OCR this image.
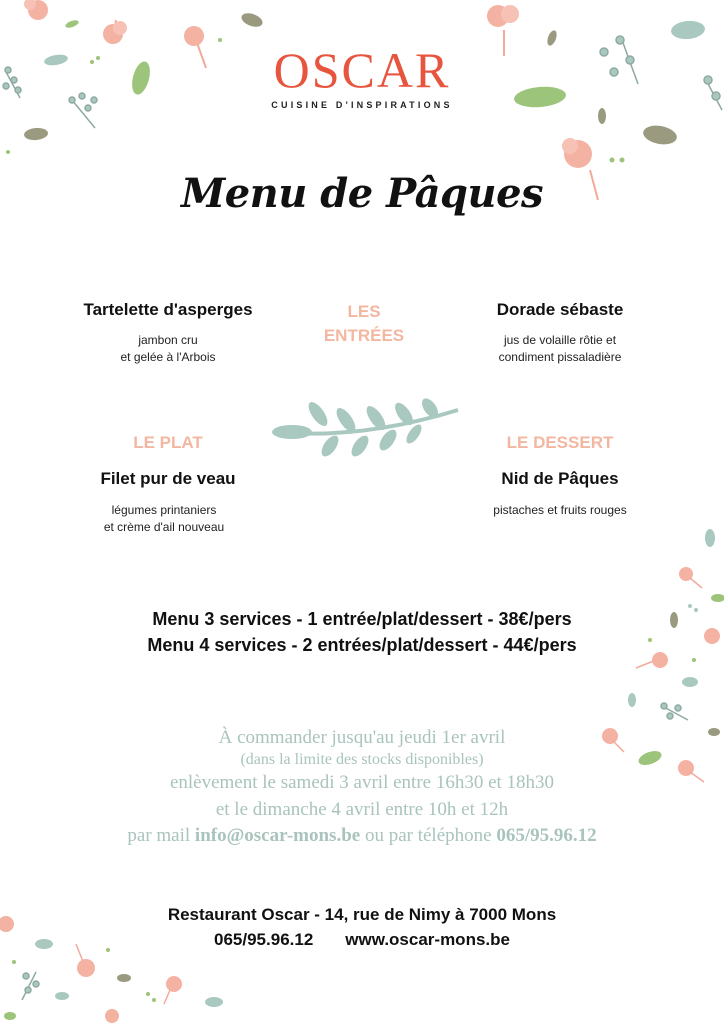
OSCAR
CUISINE D'INSPIRATIONS
Menu de Pâques
Tartelette d'asperges
jambon cru
et gelée à l'Arbois
LES
ENTRÉES
Dorade sébaste
jus de volaille rôtie et
condiment pissaladière
LE PLAT
Filet pur de veau
légumes printaniers
et crème d'ail nouveau
LE DESSERT
Nid de Pâques
pistaches et fruits rouges
Menu 3 services - 1 entrée/plat/dessert - 38€/pers
Menu 4 services - 2 entrées/plat/dessert - 44€/pers
À commander jusqu'au jeudi 1er avril
(dans la limite des stocks disponibles)
enlèvement le samedi 3 avril entre 16h30 et 18h30
et le dimanche 4 avril entre 10h et 12h
par mail info@oscar-mons.be ou par téléphone 065/95.96.12
Restaurant Oscar - 14, rue de Nimy à 7000 Mons
065/95.96.12 www.oscar-mons.be
